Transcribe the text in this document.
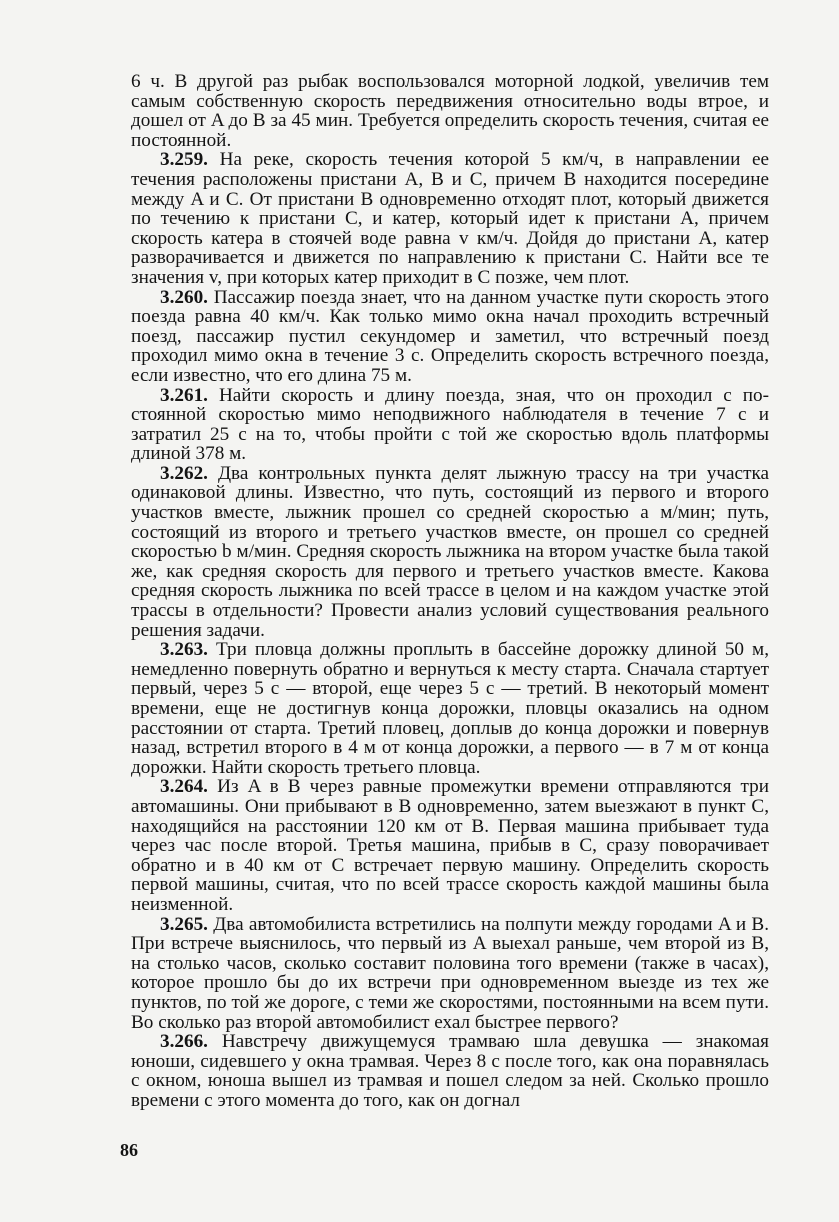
6 ч. В другой раз рыбак воспользовался моторной лодкой, увеличив тем самым собственную скорость передвижения относительно воды втрое, и дошел от A до B за 45 мин. Требуется определить скорость течения, считая ее постоянной.

3.259. На реке, скорость течения которой 5 км/ч, в направлении ее течения расположены пристани A, B и C, причем B находится посередине между A и C. От пристани B одновременно отходят плот, который движется по течению к пристани C, и катер, который идет к пристани A, причем скорость катера в стоячей воде равна v км/ч. Дойдя до пристани A, катер разворачивается и движется по направлению к пристани C. Найти все те значения v, при которых катер приходит в C позже, чем плот.

3.260. Пассажир поезда знает, что на данном участке пути скорость этого поезда равна 40 км/ч. Как только мимо окна начал проходить встречный поезд, пассажир пустил секундомер и заметил, что встречный поезд проходил мимо окна в течение 3 с. Определить скорость встречного поезда, если известно, что его длина 75 м.

3.261. Найти скорость и длину поезда, зная, что он проходил с постоянной скоростью мимо неподвижного наблюдателя в течение 7 с и затратил 25 с на то, чтобы пройти с той же скоростью вдоль платформы длиной 378 м.

3.262. Два контрольных пункта делят лыжную трассу на три участка одинаковой длины. Известно, что путь, состоящий из первого и второго участков вместе, лыжник прошел со средней скоростью a м/мин; путь, состоящий из второго и третьего участков вместе, он прошел со средней скоростью b м/мин. Средняя скорость лыжника на втором участке была такой же, как средняя скорость для первого и третьего участков вместе. Какова средняя скорость лыжника по всей трассе в целом и на каждом участке этой трассы в отдельности? Провести анализ условий существования реального решения задачи.

3.263. Три пловца должны проплыть в бассейне дорожку длиной 50 м, немедленно повернуть обратно и вернуться к месту старта. Сначала стартует первый, через 5 с — второй, еще через 5 с — третий. В некоторый момент времени, еще не достигнув конца дорожки, пловцы оказались на одном расстоянии от старта. Третий пловец, доплыв до конца дорожки и повернув назад, встретил второго в 4 м от конца дорожки, а первого — в 7 м от конца дорожки. Найти скорость третьего пловца.

3.264. Из A в B через равные промежутки времени отправляются три автомашины. Они прибывают в B одновременно, затем выезжают в пункт C, находящийся на расстоянии 120 км от B. Первая машина прибывает туда через час после второй. Третья машина, прибыв в C, сразу поворачивает обратно и в 40 км от C встречает первую машину. Определить скорость первой машины, считая, что по всей трассе скорость каждой машины была неизменной.

3.265. Два автомобилиста встретились на полпути между городами A и B. При встрече выяснилось, что первый из A выехал раньше, чем второй из B, на столько часов, сколько составит половина того времени (также в часах), которое прошло бы до их встречи при одновременном выезде из тех же пунктов, по той же дороге, с теми же скоростями, постоянными на всем пути. Во сколько раз второй автомобилист ехал быстрее первого?

3.266. Навстречу движущемуся трамваю шла девушка — знакомая юноши, сидевшего у окна трамвая. Через 8 с после того, как она поравнялась с окном, юноша вышел из трамвая и пошел следом за ней. Сколько прошло времени с этого момента до того, как он догнал

86
